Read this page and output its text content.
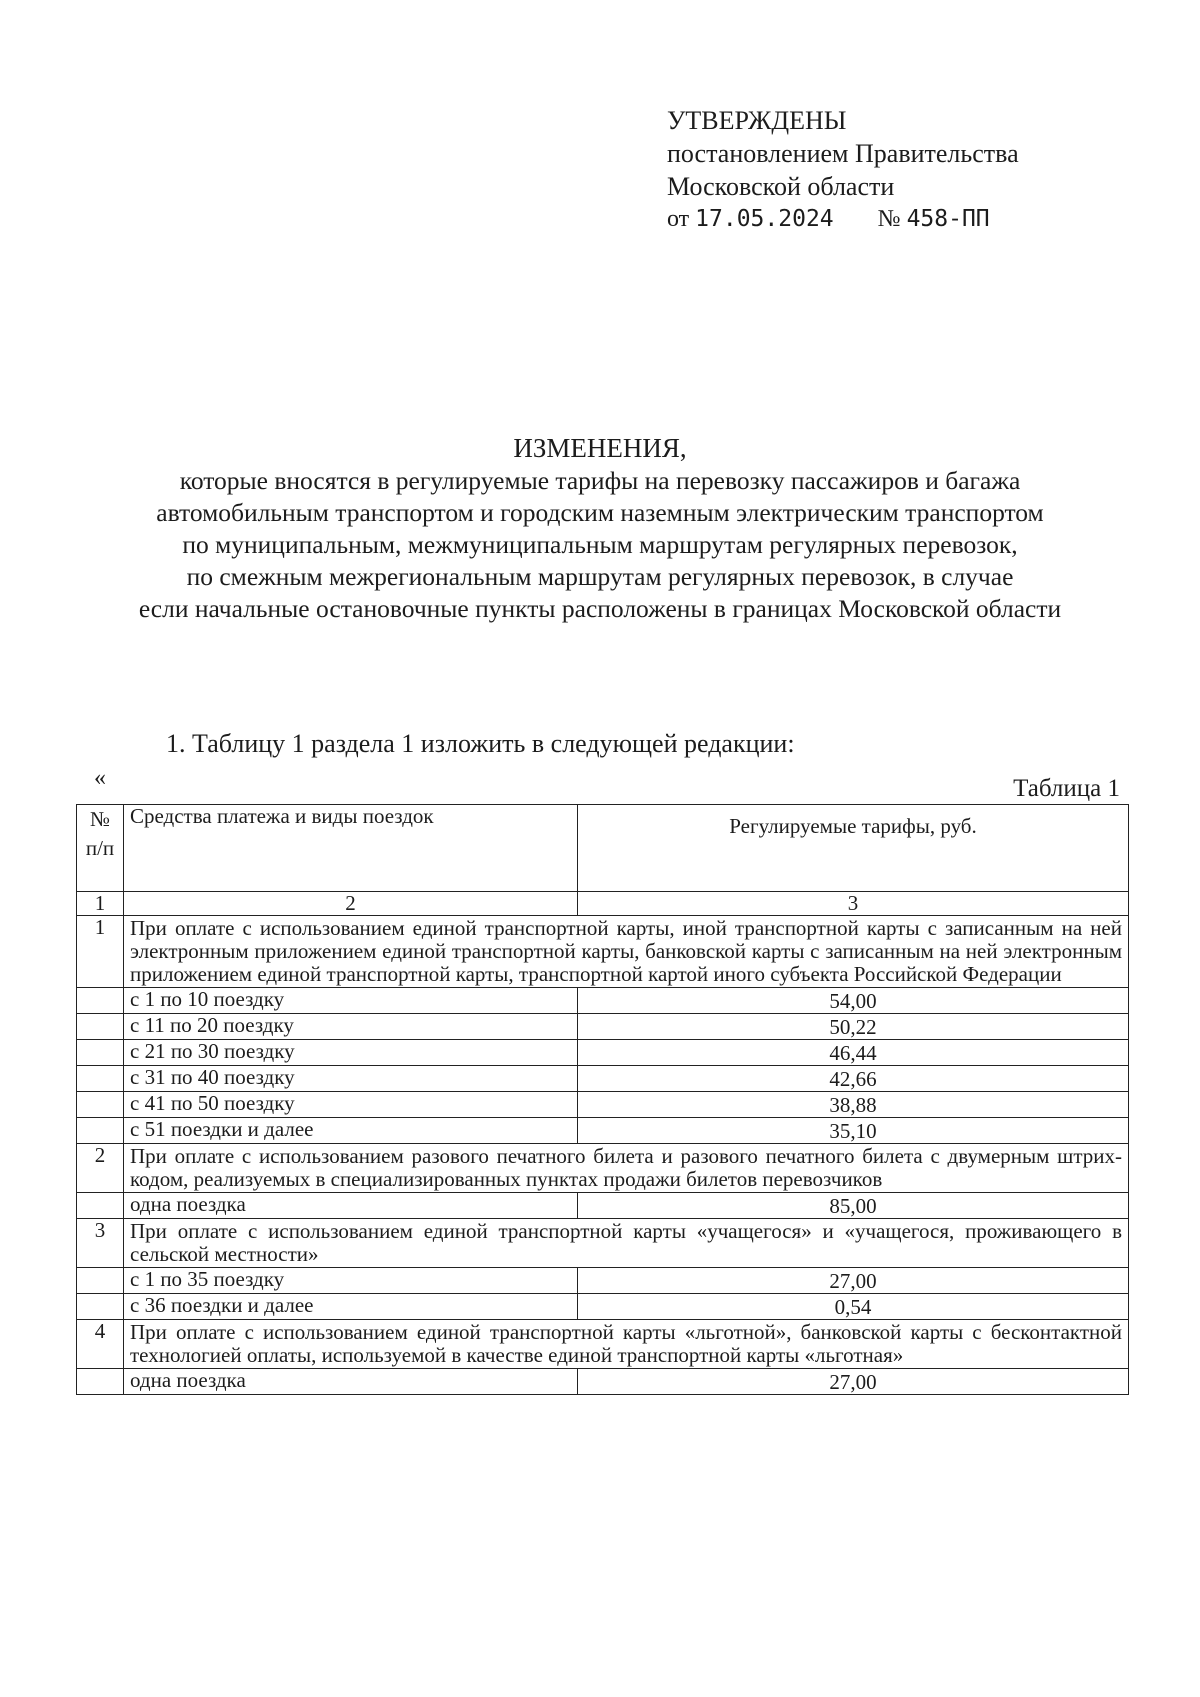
УТВЕРЖДЕНЫ
постановлением Правительства
Московской области
от 17.05.2024 № 458-ПП
ИЗМЕНЕНИЯ,
которые вносятся в регулируемые тарифы на перевозку пассажиров и багажа
автомобильным транспортом и городским наземным электрическим транспортом
по муниципальным, межмуниципальным маршрутам регулярных перевозок,
по смежным межрегиональным маршрутам регулярных перевозок, в случае
если начальные остановочные пункты расположены в границах Московской области
1. Таблицу 1 раздела 1 изложить в следующей редакции:
«	Таблица 1
№ п/п	Средства платежа и виды поездок	Регулируемые тарифы, руб.
1	2	3
1	При оплате с использованием единой транспортной карты, иной транспортной карты с записанным на ней электронным приложением единой транспортной карты, банковской карты с записанным на ней электронным приложением единой транспортной карты, транспортной картой иного субъекта Российской Федерации	
	с 1 по 10 поездку	54,00
	с 11 по 20 поездку	50,22
	с 21 по 30 поездку	46,44
	с 31 по 40 поездку	42,66
	с 41 по 50 поездку	38,88
	с 51 поездки и далее	35,10
2	При оплате с использованием разового печатного билета и разового печатного билета с двумерным штрих-кодом, реализуемых в специализированных пунктах продажи билетов перевозчиков	
	одна поездка	85,00
3	При оплате с использованием единой транспортной карты «учащегося» и «учащегося, проживающего в сельской местности»	
	с 1 по 35 поездку	27,00
	с 36 поездки и далее	0,54
4	При оплате с использованием единой транспортной карты «льготной», банковской карты с бесконтактной технологией оплаты, используемой в качестве единой транспортной карты «льготная»	
	одна поездка	27,00
